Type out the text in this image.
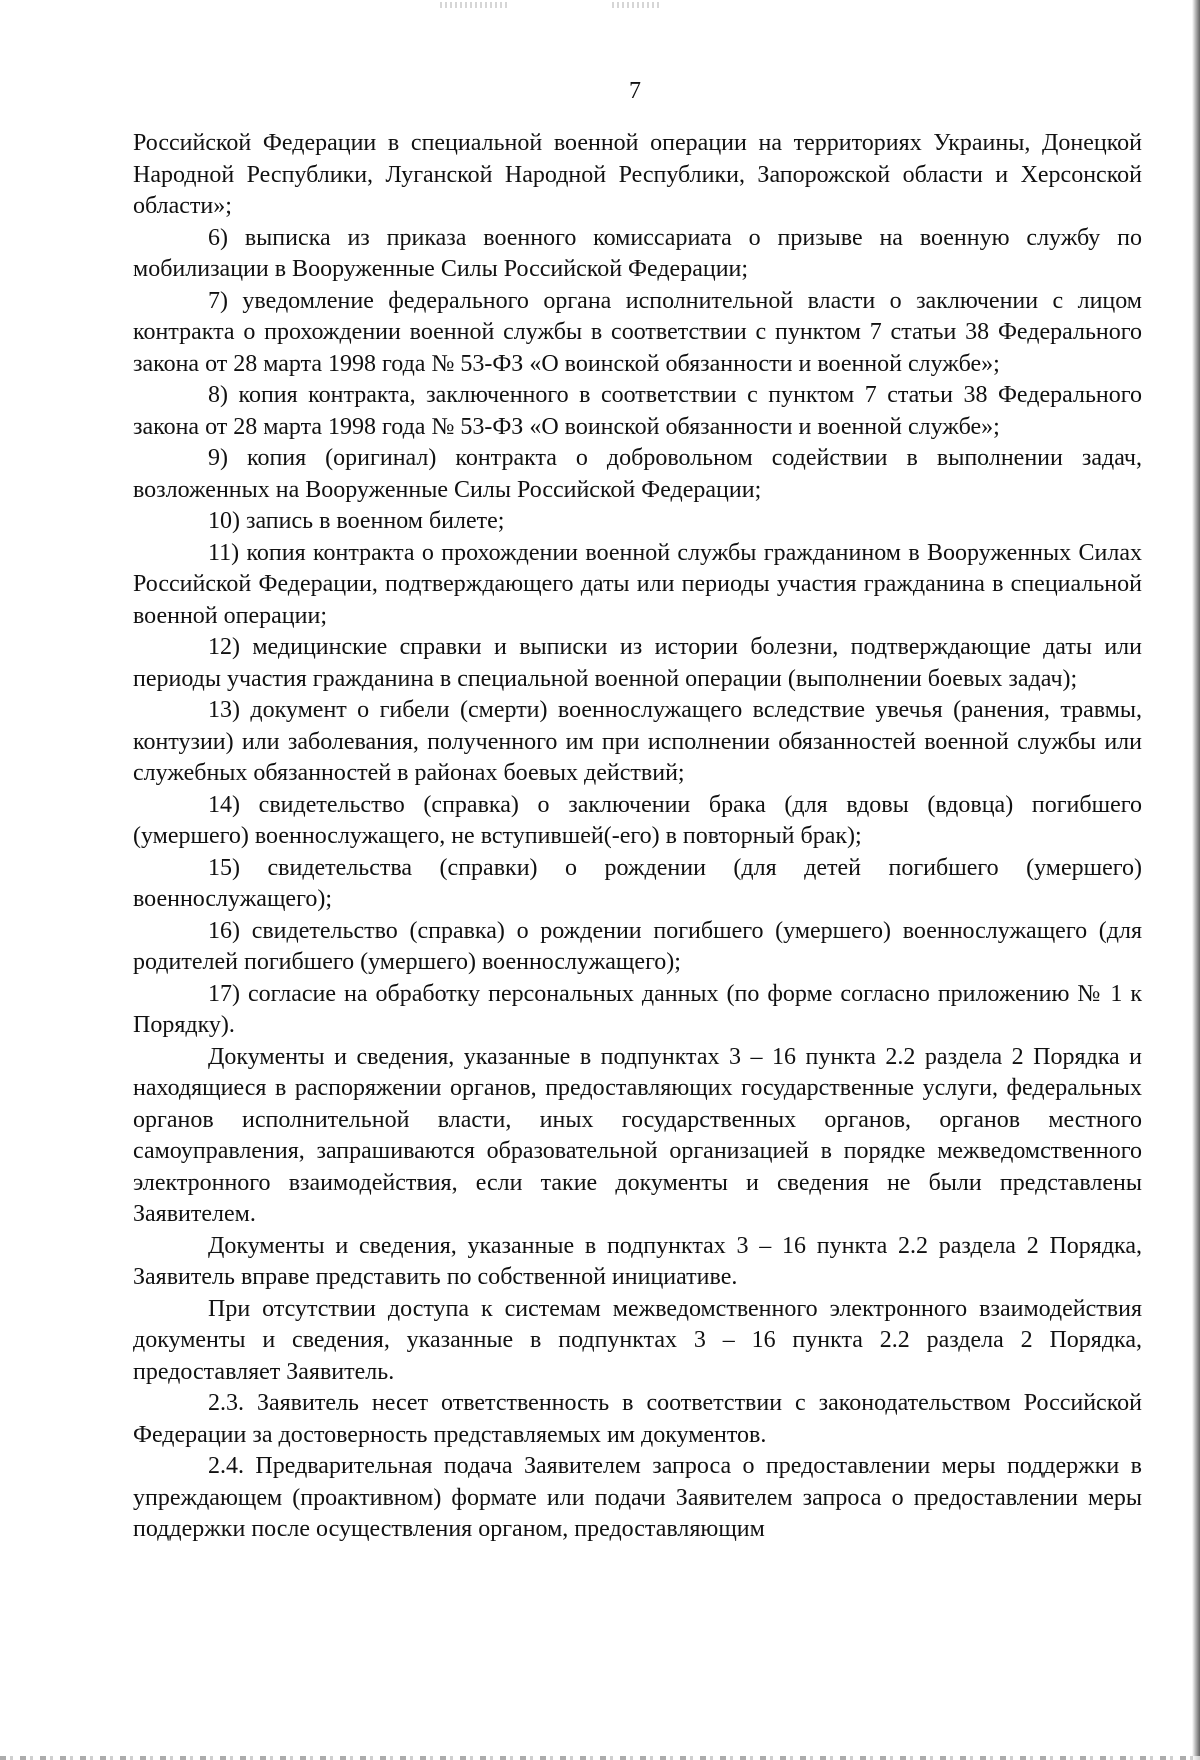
7

Российской Федерации в специальной военной операции на территориях Украины, Донецкой Народной Республики, Луганской Народной Республики, Запорожской области и Херсонской области»;

6) выписка из приказа военного комиссариата о призыве на военную службу по мобилизации в Вооруженные Силы Российской Федерации;

7) уведомление федерального органа исполнительной власти о заключении с лицом контракта о прохождении военной службы в соответствии с пунктом 7 статьи 38 Федерального закона от 28 марта 1998 года № 53-ФЗ «О воинской обязанности и военной службе»;

8) копия контракта, заключенного в соответствии с пунктом 7 статьи 38 Федерального закона от 28 марта 1998 года № 53-ФЗ «О воинской обязанности и военной службе»;

9) копия (оригинал) контракта о добровольном содействии в выполнении задач, возложенных на Вооруженные Силы Российской Федерации;

10) запись в военном билете;

11) копия контракта о прохождении военной службы гражданином в Вооруженных Силах Российской Федерации, подтверждающего даты или периоды участия гражданина в специальной военной операции;

12) медицинские справки и выписки из истории болезни, подтверждающие даты или периоды участия гражданина в специальной военной операции (выполнении боевых задач);

13) документ о гибели (смерти) военнослужащего вследствие увечья (ранения, травмы, контузии) или заболевания, полученного им при исполнении обязанностей военной службы или служебных обязанностей в районах боевых действий;

14) свидетельство (справка) о заключении брака (для вдовы (вдовца) погибшего (умершего) военнослужащего, не вступившей(-его) в повторный брак);

15) свидетельства (справки) о рождении (для детей погибшего (умершего) военнослужащего);

16) свидетельство (справка) о рождении погибшего (умершего) военнослужащего (для родителей погибшего (умершего) военнослужащего);

17) согласие на обработку персональных данных (по форме согласно приложению № 1 к Порядку).

Документы и сведения, указанные в подпунктах 3 – 16 пункта 2.2 раздела 2 Порядка и находящиеся в распоряжении органов, предоставляющих государственные услуги, федеральных органов исполнительной власти, иных государственных органов, органов местного самоуправления, запрашиваются образовательной организацией в порядке межведомственного электронного взаимодействия, если такие документы и сведения не были представлены Заявителем.

Документы и сведения, указанные в подпунктах 3 – 16 пункта 2.2 раздела 2 Порядка, Заявитель вправе представить по собственной инициативе.

При отсутствии доступа к системам межведомственного электронного взаимодействия документы и сведения, указанные в подпунктах 3 – 16 пункта 2.2 раздела 2 Порядка, предоставляет Заявитель.

2.3. Заявитель несет ответственность в соответствии с законодательством Российской Федерации за достоверность представляемых им документов.

2.4. Предварительная подача Заявителем запроса о предоставлении меры поддержки в упреждающем (проактивном) формате или подачи Заявителем запроса о предоставлении меры поддержки после осуществления органом, предоставляющим
